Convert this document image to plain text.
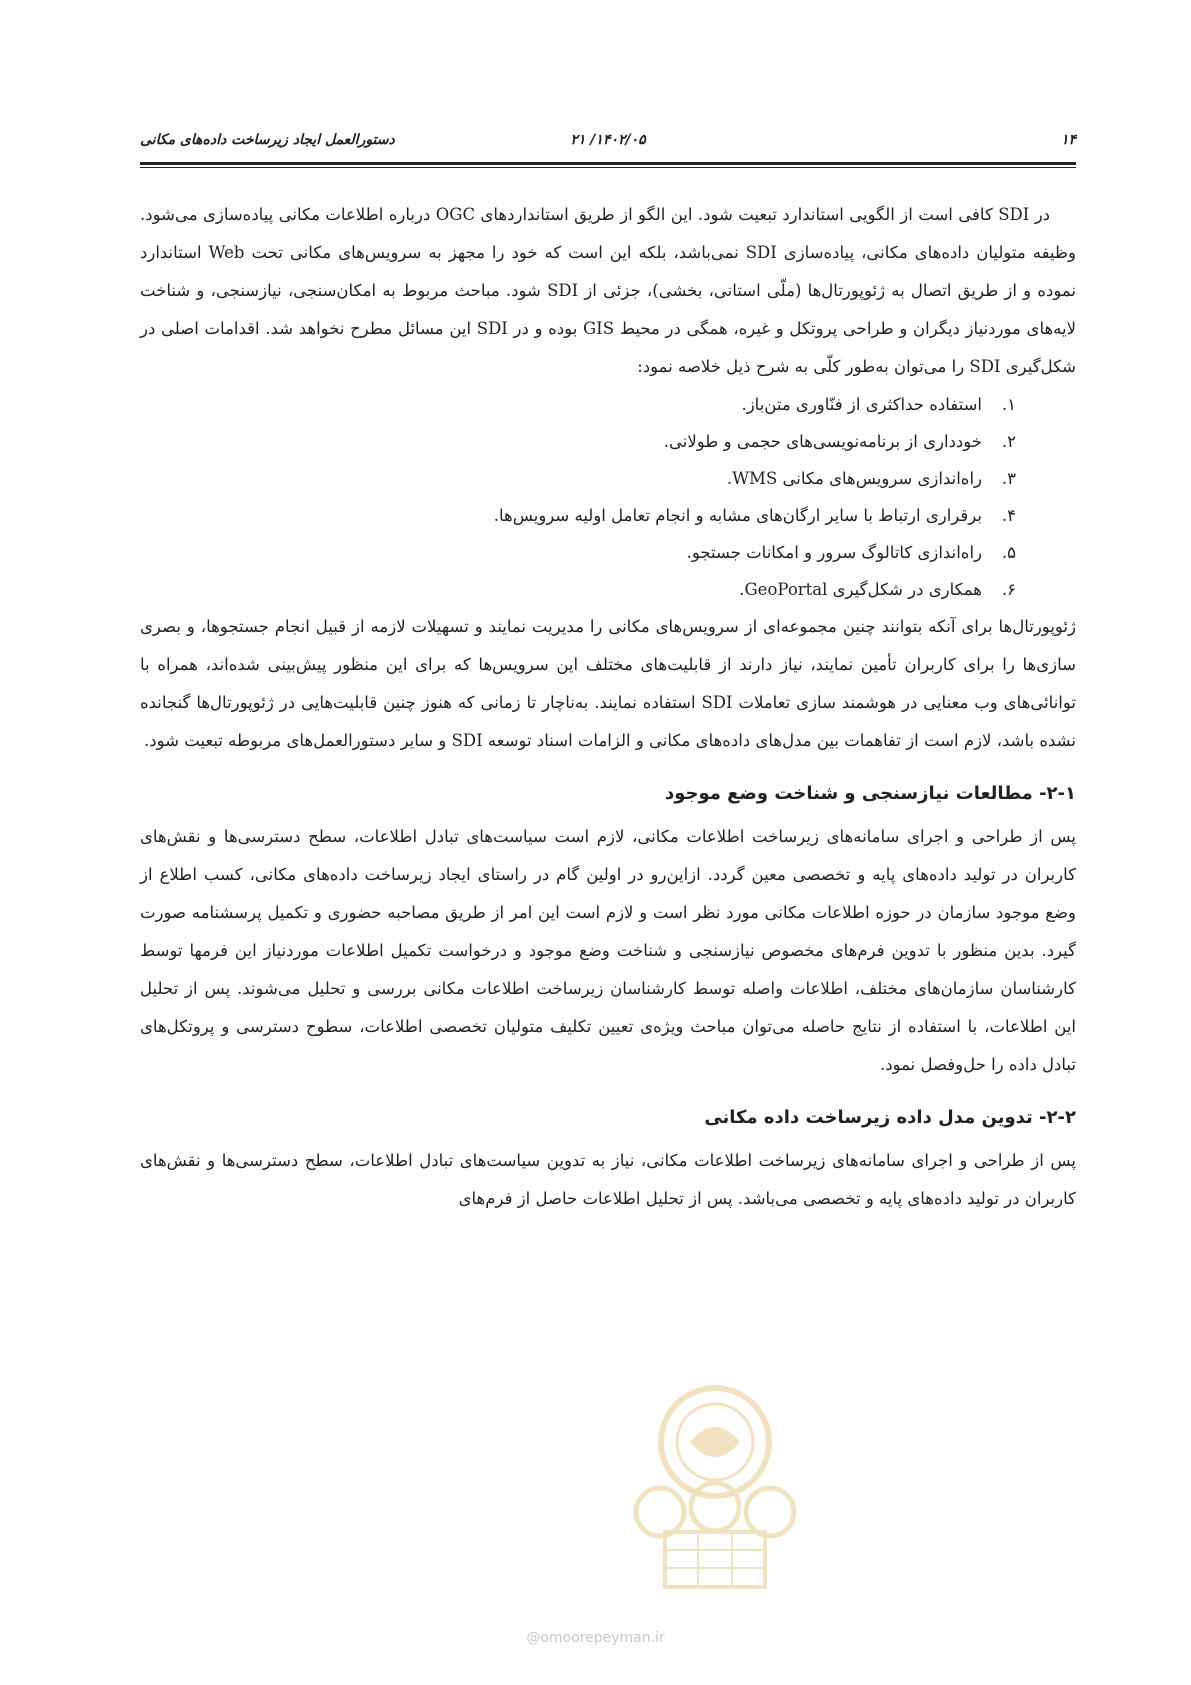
۱۴
۱۴۰۲/۰۵/ ۲۱
دستورالعمل ایجاد زیرساخت داده‌های مکانی

در SDI کافی است از الگویی استاندارد تبعیت شود. این الگو از طریق استانداردهای OGC درباره اطلاعات مکانی پیاده‌سازی می‌شود. وظیفه متولیان داده‌های مکانی، پیاده‌سازی SDI نمی‌باشد، بلکه این است که خود را مجهز به سرویس‌های مکانی تحت Web استاندارد نموده و از طریق اتصال به ژئوپورتال‌ها (ملّی استانی، بخشی)، جزئی از SDI شود. مباحث مربوط به امکان‌سنجی، نیازسنجی، و شناخت لایه‌های موردنیاز دیگران و طراحی پروتکل و غیره، همگی در محیط GIS بوده و در SDI این مسائل مطرح نخواهد شد. اقدامات اصلی در شکل‌گیری SDI را می‌توان به‌طور کلّی به شرح ذیل خلاصه نمود:

۱.استفاده حداکثری از فنّاوری متن‌باز.
۲.خودداری از برنامه‌نویسی‌های حجمی و طولانی.
۳.راه‌اندازی سرویس‌های مکانی WMS.
۴.برقراری ارتباط با سایر ارگان‌های مشابه و انجام تعامل اولیه سرویس‌ها.
۵.راه‌اندازی کاتالوگ سرور و امکانات جستجو.
۶.همکاری در شکل‌گیری GeoPortal.

ژئوپورتال‌ها برای آنکه بتوانند چنین مجموعه‌ای از سرویس‌های مکانی را مدیریت نمایند و تسهیلات لازمه از قبیل انجام جستجوها، و بصری سازی‌ها را برای کاربران تأمین نمایند، نیاز دارند از قابلیت‌های مختلف این سرویس‌ها که برای این منظور پیش‌بینی شده‌اند، همراه با توانائی‌های وب معنایی در هوشمند سازی تعاملات SDI استفاده نمایند. به‌ناچار تا زمانی که هنوز چنین قابلیت‌هایی در ژئوپورتال‌ها گنجانده نشده باشد، لازم است از تفاهمات بین مدل‌های داده‌های مکانی و الزامات اسناد توسعه SDI و سایر دستورالعمل‌های مربوطه تبعیت شود.

۲-۱- مطالعات نیازسنجی و شناخت وضع موجود

پس از طراحی و اجرای سامانه‌های زیرساخت اطلاعات مکانی، لازم است سیاست‌های تبادل اطلاعات، سطح دسترسی‌ها و نقش‌های کاربران در تولید داده‌های پایه و تخصصی معین گردد. ازاین‌رو در اولین گام در راستای ایجاد زیرساخت داده‌های مکانی، کسب اطلاع از وضع موجود سازمان در حوزه اطلاعات مکانی مورد نظر است و لازم است این امر از طریق مصاحبه حضوری و تکمیل پرسشنامه صورت گیرد. بدین منظور با تدوین فرم‌های مخصوص نیازسنجی و شناخت وضع موجود و درخواست تکمیل اطلاعات موردنیاز این فرمها توسط کارشناسان سازمان‌های مختلف، اطلاعات واصله توسط کارشناسان زیرساخت اطلاعات مکانی بررسی و تحلیل می‌شوند. پس از تحلیل این اطلاعات، با استفاده از نتایج حاصله می‌توان مباحث ویژه‌ی تعیین تکلیف متولیان تخصصی اطلاعات، سطوح دسترسی و پروتکل‌های تبادل داده را حل‌وفصل نمود.

۲-۲- تدوین مدل داده زیرساخت داده مکانی

پس از طراحی و اجرای سامانه‌های زیرساخت اطلاعات مکانی، نیاز به تدوین سیاست‌های تبادل اطلاعات، سطح دسترسی‌ها و نقش‌های کاربران در تولید داده‌های پایه و تخصصی می‌باشد. پس از تحلیل اطلاعات حاصل از فرم‌های

@omoorepeyman.ir
